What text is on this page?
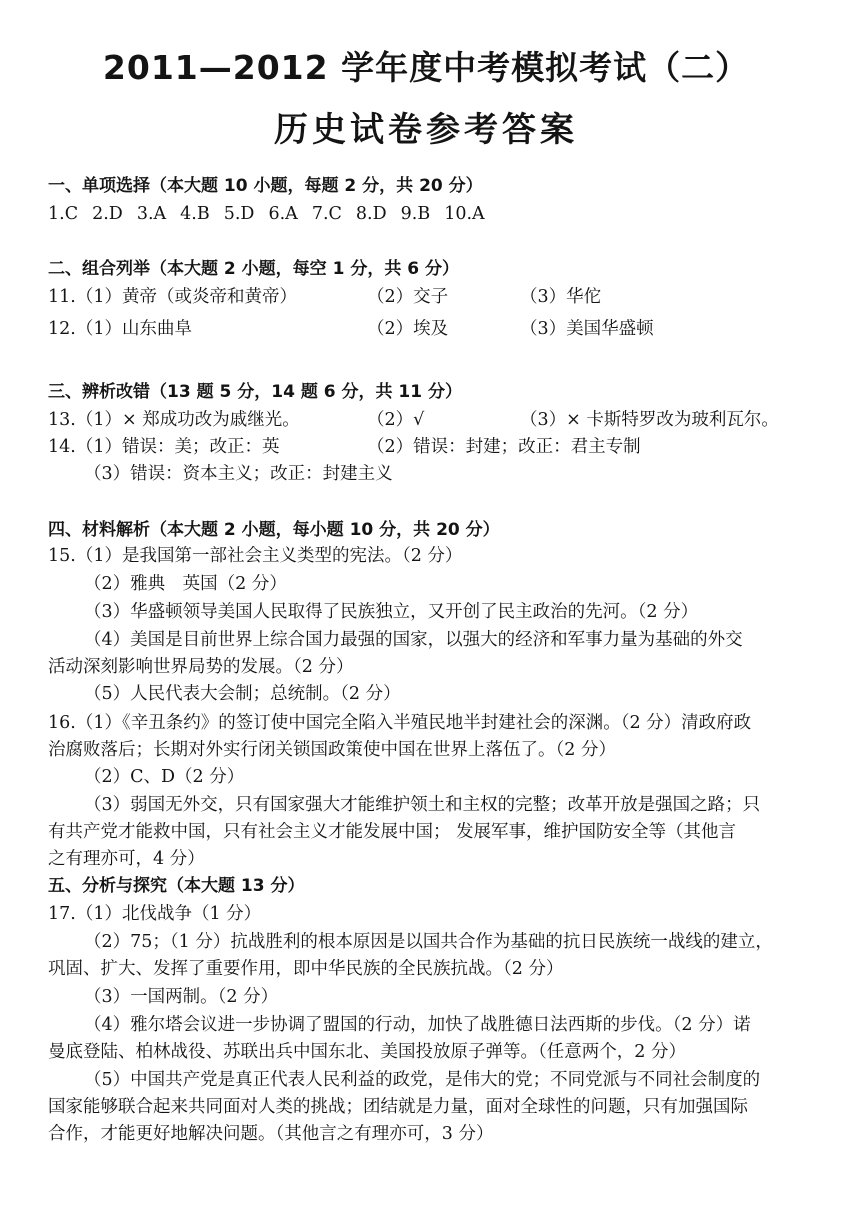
2011—2012 学年度中考模拟考试（二）
历史试卷参考答案
一、单项选择（本大题 10 小题，每题 2 分，共 20 分）
1.C 2.D 3.A 4.B 5.D 6.A 7.C 8.D 9.B 10.A
二、组合列举（本大题 2 小题，每空 1 分，共 6 分）
11.（1）黄帝（或炎帝和黄帝）	（2）交子	（3）华佗
12.（1）山东曲阜	（2）埃及	（3）美国华盛顿
三、辨析改错（13 题 5 分，14 题 6 分，共 11 分）
13.（1）× 郑成功改为戚继光。	（2）√	（3）× 卡斯特罗改为玻利瓦尔。
14.（1）错误：美；改正：英	（2）错误：封建；改正：君主专制
（3）错误：资本主义；改正：封建主义
四、材料解析（本大题 2 小题，每小题 10 分，共 20 分）
15.（1）是我国第一部社会主义类型的宪法。（2 分）
（2）雅典　英国（2 分）
（3）华盛顿领导美国人民取得了民族独立，又开创了民主政治的先河。（2 分）
（4）美国是目前世界上综合国力最强的国家，以强大的经济和军事力量为基础的外交
活动深刻影响世界局势的发展。（2 分）
（5）人民代表大会制；总统制。（2 分）
16.（1）《辛丑条约》的签订使中国完全陷入半殖民地半封建社会的深渊。（2 分）清政府政
治腐败落后；长期对外实行闭关锁国政策使中国在世界上落伍了。（2 分）
（2）C、D（2 分）
（3）弱国无外交，只有国家强大才能维护领土和主权的完整；改革开放是强国之路；只
有共产党才能救中国，只有社会主义才能发展中国； 发展军事，维护国防安全等（其他言
之有理亦可，4 分）
五、分析与探究（本大题 13 分）
17.（1）北伐战争（1 分）
（2）75；（1 分）抗战胜利的根本原因是以国共合作为基础的抗日民族统一战线的建立，
巩固、扩大、发挥了重要作用，即中华民族的全民族抗战。（2 分）
（3）一国两制。（2 分）
（4）雅尔塔会议进一步协调了盟国的行动，加快了战胜德日法西斯的步伐。（2 分）诺
曼底登陆、柏林战役、苏联出兵中国东北、美国投放原子弹等。（任意两个，2 分）
（5）中国共产党是真正代表人民利益的政党，是伟大的党；不同党派与不同社会制度的
国家能够联合起来共同面对人类的挑战；团结就是力量，面对全球性的问题，只有加强国际
合作，才能更好地解决问题。（其他言之有理亦可，3 分）
